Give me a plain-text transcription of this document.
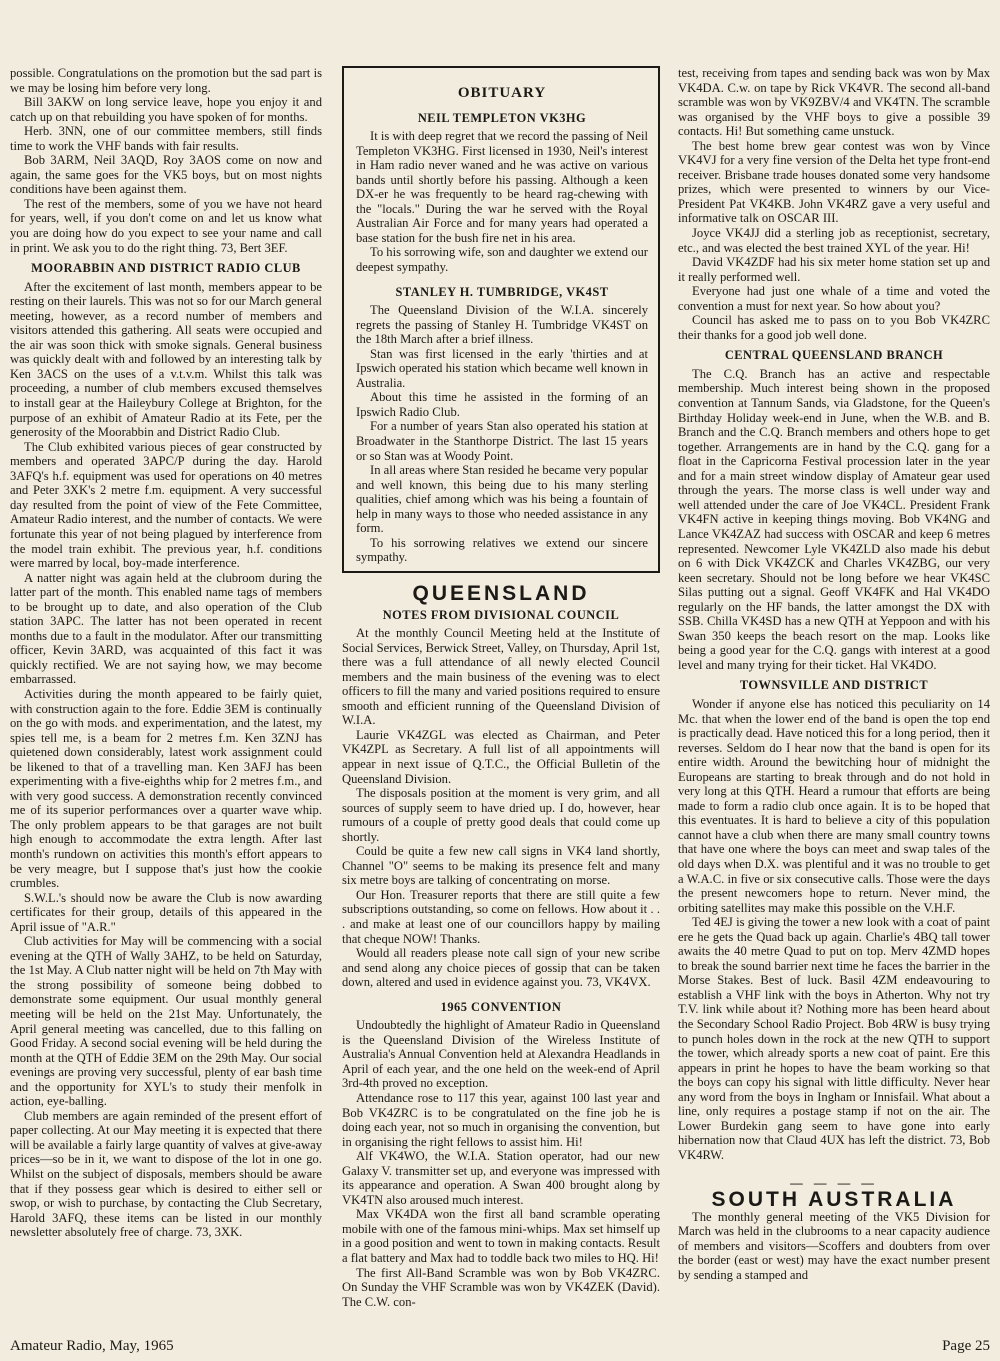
possible. Congratulations on the promotion but the sad part is we may be losing him before very long.

Bill 3AKW on long service leave, hope you enjoy it and catch up on that rebuilding you have spoken of for months.

Herb. 3NN, one of our committee members, still finds time to work the VHF bands with fair results.

Bob 3ARM, Neil 3AQD, Roy 3AOS come on now and again, the same goes for the VK5 boys, but on most nights conditions have been against them.

The rest of the members, some of you we have not heard for years, well, if you don't come on and let us know what you are doing how do you expect to see your name and call in print. We ask you to do the right thing. 73, Bert 3EF.

MOORABBIN AND DISTRICT RADIO CLUB

After the excitement of last month, members appear to be resting on their laurels. This was not so for our March general meeting, however, as a record number of members and visitors attended this gathering. All seats were occupied and the air was soon thick with smoke signals. General business was quickly dealt with and followed by an interesting talk by Ken 3ACS on the uses of a v.t.v.m. Whilst this talk was proceeding, a number of club members excused themselves to install gear at the Haileybury College at Brighton, for the purpose of an exhibit of Amateur Radio at its Fete, per the generosity of the Moorabbin and District Radio Club.

The Club exhibited various pieces of gear constructed by members and operated 3APC/P during the day. Harold 3AFQ's h.f. equipment was used for operations on 40 metres and Peter 3XK's 2 metre f.m. equipment. A very successful day resulted from the point of view of the Fete Committee, Amateur Radio interest, and the number of contacts. We were fortunate this year of not being plagued by interference from the model train exhibit. The previous year, h.f. conditions were marred by local, boy-made interference.

A natter night was again held at the clubroom during the latter part of the month. This enabled name tags of members to be brought up to date, and also operation of the Club station 3APC. The latter has not been operated in recent months due to a fault in the modulator. After our transmitting officer, Kevin 3ARD, was acquainted of this fact it was quickly rectified. We are not saying how, we may become embarrassed.

Activities during the month appeared to be fairly quiet, with construction again to the fore. Eddie 3EM is continually on the go with mods. and experimentation, and the latest, my spies tell me, is a beam for 2 metres f.m. Ken 3ZNJ has quietened down considerably, latest work assignment could be likened to that of a travelling man. Ken 3AFJ has been experimenting with a five-eighths whip for 2 metres f.m., and with very good success. A demonstration recently convinced me of its superior performances over a quarter wave whip. The only problem appears to be that garages are not built high enough to accommodate the extra length. After last month's rundown on activities this month's effort appears to be very meagre, but I suppose that's just how the cookie crumbles.

S.W.L.'s should now be aware the Club is now awarding certificates for their group, details of this appeared in the April issue of "A.R."

Club activities for May will be commencing with a social evening at the QTH of Wally 3AHZ, to be held on Saturday, the 1st May. A Club natter night will be held on 7th May with the strong possibility of someone being dobbed to demonstrate some equipment. Our usual monthly general meeting will be held on the 21st May. Unfortunately, the April general meeting was cancelled, due to this falling on Good Friday. A second social evening will be held during the month at the QTH of Eddie 3EM on the 29th May. Our social evenings are proving very successful, plenty of ear bash time and the opportunity for XYL's to study their menfolk in action, eye-balling.

Club members are again reminded of the present effort of paper collecting. At our May meeting it is expected that there will be available a fairly large quantity of valves at give-away prices—so be in it, we want to dispose of the lot in one go. Whilst on the subject of disposals, members should be aware that if they possess gear which is desired to either sell or swop, or wish to purchase, by contacting the Club Secretary, Harold 3AFQ, these items can be listed in our monthly newsletter absolutely free of charge. 73, 3XK.

OBITUARY
NEIL TEMPLETON VK3HG

It is with deep regret that we record the passing of Neil Templeton VK3HG. First licensed in 1930, Neil's interest in Ham radio never waned and he was active on various bands until shortly before his passing. Although a keen DX-er he was frequently to be heard rag-chewing with the "locals." During the war he served with the Royal Australian Air Force and for many years had operated a base station for the bush fire net in his area.

To his sorrowing wife, son and daughter we extend our deepest sympathy.

STANLEY H. TUMBRIDGE, VK4ST

The Queensland Division of the W.I.A. sincerely regrets the passing of Stanley H. Tumbridge VK4ST on the 18th March after a brief illness.

Stan was first licensed in the early 'thirties and at Ipswich operated his station which became well known in Australia.

About this time he assisted in the forming of an Ipswich Radio Club.

For a number of years Stan also operated his station at Broadwater in the Stanthorpe District. The last 15 years or so Stan was at Woody Point.

In all areas where Stan resided he became very popular and well known, this being due to his many sterling qualities, chief among which was his being a fountain of help in many ways to those who needed assistance in any form.

To his sorrowing relatives we extend our sincere sympathy.

QUEENSLAND
NOTES FROM DIVISIONAL COUNCIL

At the monthly Council Meeting held at the Institute of Social Services, Berwick Street, Valley, on Thursday, April 1st, there was a full attendance of all newly elected Council members and the main business of the evening was to elect officers to fill the many and varied positions required to ensure smooth and efficient running of the Queensland Division of W.I.A.

Laurie VK4ZGL was elected as Chairman, and Peter VK4ZPL as Secretary. A full list of all appointments will appear in next issue of Q.T.C., the Official Bulletin of the Queensland Division.

The disposals position at the moment is very grim, and all sources of supply seem to have dried up. I do, however, hear rumours of a couple of pretty good deals that could come up shortly.

Could be quite a few new call signs in VK4 land shortly, Channel "O" seems to be making its presence felt and many six metre boys are talking of concentrating on morse.

Our Hon. Treasurer reports that there are still quite a few subscriptions outstanding, so come on fellows. How about it . . . and make at least one of our councillors happy by mailing that cheque NOW! Thanks.

Would all readers please note call sign of your new scribe and send along any choice pieces of gossip that can be taken down, altered and used in evidence against you. 73, VK4VX.

1965 CONVENTION

Undoubtedly the highlight of Amateur Radio in Queensland is the Queensland Division of the Wireless Institute of Australia's Annual Convention held at Alexandra Headlands in April of each year, and the one held on the week-end of April 3rd-4th proved no exception.

Attendance rose to 117 this year, against 100 last year and Bob VK4ZRC is to be congratulated on the fine job he is doing each year, not so much in organising the convention, but in organising the right fellows to assist him. Hi!

Alf VK4WO, the W.I.A. Station operator, had our new Galaxy V. transmitter set up, and everyone was impressed with its appearance and operation. A Swan 400 brought along by VK4TN also aroused much interest.

Max VK4DA won the first all band scramble operating mobile with one of the famous mini-whips. Max set himself up in a good position and went to town in making contacts. Result a flat battery and Max had to toddle back two miles to HQ. Hi!

The first All-Band Scramble was won by Bob VK4ZRC. On Sunday the VHF Scramble was won by VK4ZEK (David). The C.W. con-

test, receiving from tapes and sending back was won by Max VK4DA. C.w. on tape by Rick VK4VR. The second all-band scramble was won by VK9ZBV/4 and VK4TN. The scramble was organised by the VHF boys to give a possible 39 contacts. Hi! But something came unstuck.

The best home brew gear contest was won by Vince VK4VJ for a very fine version of the Delta het type front-end receiver. Brisbane trade houses donated some very handsome prizes, which were presented to winners by our Vice-President Pat VK4KB. John VK4RZ gave a very useful and informative talk on OSCAR III.

Joyce VK4JJ did a sterling job as receptionist, secretary, etc., and was elected the best trained XYL of the year. Hi!

David VK4ZDF had his six meter home station set up and it really performed well.

Everyone had just one whale of a time and voted the convention a must for next year. So how about you?

Council has asked me to pass on to you Bob VK4ZRC their thanks for a good job well done.

CENTRAL QUEENSLAND BRANCH

The C.Q. Branch has an active and respectable membership. Much interest being shown in the proposed convention at Tannum Sands, via Gladstone, for the Queen's Birthday Holiday week-end in June, when the W.B. and B. Branch and the C.Q. Branch members and others hope to get together. Arrangements are in hand by the C.Q. gang for a float in the Capricorna Festival procession later in the year and for a main street window display of Amateur gear used through the years. The morse class is well under way and well attended under the care of Joe VK4CL. President Frank VK4FN active in keeping things moving. Bob VK4NG and Lance VK4ZAZ had success with OSCAR and keep 6 metres represented. Newcomer Lyle VK4ZLD also made his debut on 6 with Dick VK4ZCK and Charles VK4ZBG, our very keen secretary. Should not be long before we hear VK4SC Silas putting out a signal. Geoff VK4FK and Hal VK4DO regularly on the HF bands, the latter amongst the DX with SSB. Chilla VK4SD has a new QTH at Yeppoon and with his Swan 350 keeps the beach resort on the map. Looks like being a good year for the C.Q. gangs with interest at a good level and many trying for their ticket. Hal VK4DO.

TOWNSVILLE AND DISTRICT

Wonder if anyone else has noticed this peculiarity on 14 Mc. that when the lower end of the band is open the top end is practically dead. Have noticed this for a long period, then it reverses. Seldom do I hear now that the band is open for its entire width. Around the bewitching hour of midnight the Europeans are starting to break through and do not hold in very long at this QTH. Heard a rumour that efforts are being made to form a radio club once again. It is to be hoped that this eventuates. It is hard to believe a city of this population cannot have a club when there are many small country towns that have one where the boys can meet and swap tales of the old days when D.X. was plentiful and it was no trouble to get a W.A.C. in five or six consecutive calls. Those were the days the present newcomers hope to return. Never mind, the orbiting satellites may make this possible on the V.H.F.

Ted 4EJ is giving the tower a new look with a coat of paint ere he gets the Quad back up again. Charlie's 4BQ tall tower awaits the 40 metre Quad to put on top. Merv 4ZMD hopes to break the sound barrier next time he faces the barrier in the Morse Stakes. Best of luck. Basil 4ZM endeavouring to establish a VHF link with the boys in Atherton. Why not try T.V. link while about it? Nothing more has been heard about the Secondary School Radio Project. Bob 4RW is busy trying to punch holes down in the rock at the new QTH to support the tower, which already sports a new coat of paint. Ere this appears in print he hopes to have the beam working so that the boys can copy his signal with little difficulty. Never hear any word from the boys in Ingham or Innisfail. What about a line, only requires a postage stamp if not on the air. The Lower Burdekin gang seem to have gone into early hibernation now that Claud 4UX has left the district. 73, Bob VK4RW.

— — — —
SOUTH AUSTRALIA

The monthly general meeting of the VK5 Division for March was held in the clubrooms to a near capacity audience of members and visitors—Scoffers and doubters from over the border (east or west) may have the exact number present by sending a stamped and

Amateur Radio, May, 1965	Page 25
